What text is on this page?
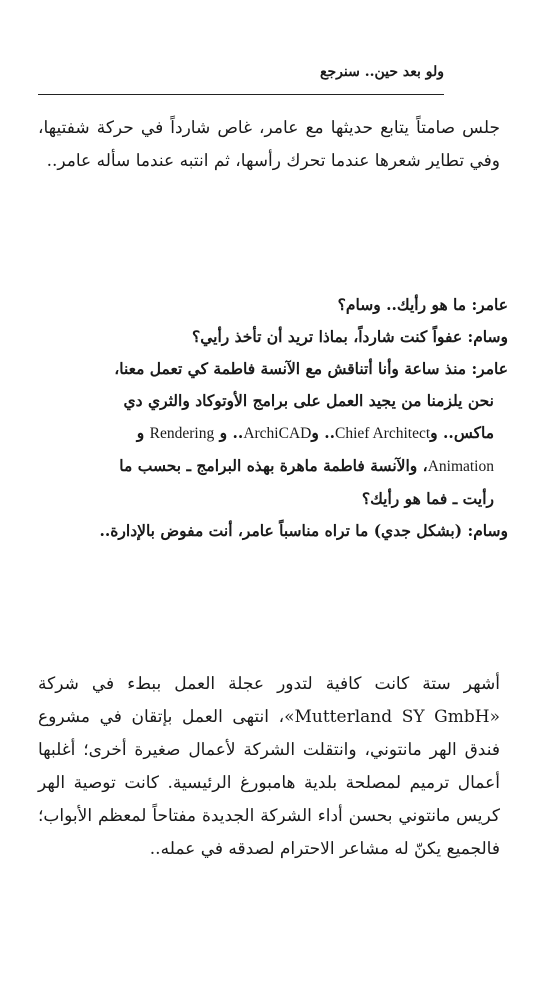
ولو بعد حين.. سنرجع

جلس صامتاً يتابع حديثها مع عامر، غاص شارداً في حركة شفتيها، وفي تطاير شعرها عندما تحرك رأسها، ثم انتبه عندما سأله عامر..

عامر: ما هو رأيك.. وسام؟
وسام: عفواً كنت شارداً، بماذا تريد أن تأخذ رأيي؟
عامر: منذ ساعة وأنا أتناقش مع الآنسة فاطمة كي تعمل معنا،
نحن يلزمنا من يجيد العمل على برامج الأوتوكاد والثري دي
ماكس.. وChief Architect.. وArchiCAD.. و Rendering و
Animation، والآنسة فاطمة ماهرة بهذه البرامج ـ بحسب ما
رأيت ـ فما هو رأيك؟
وسام: (بشكل جدي) ما تراه مناسباً عامر، أنت مفوض بالإدارة..

أشهر ستة كانت كافية لتدور عجلة العمل ببطء في شركة «Mutterland SY GmbH»، انتهى العمل بإتقان في مشروع فندق الهر مانتوني، وانتقلت الشركة لأعمال صغيرة أخرى؛ أغلبها أعمال ترميم لمصلحة بلدية هامبورغ الرئيسية. كانت توصية الهر كريس مانتوني بحسن أداء الشركة الجديدة مفتاحاً لمعظم الأبواب؛ فالجميع يكنّ له مشاعر الاحترام لصدقه في عمله..
